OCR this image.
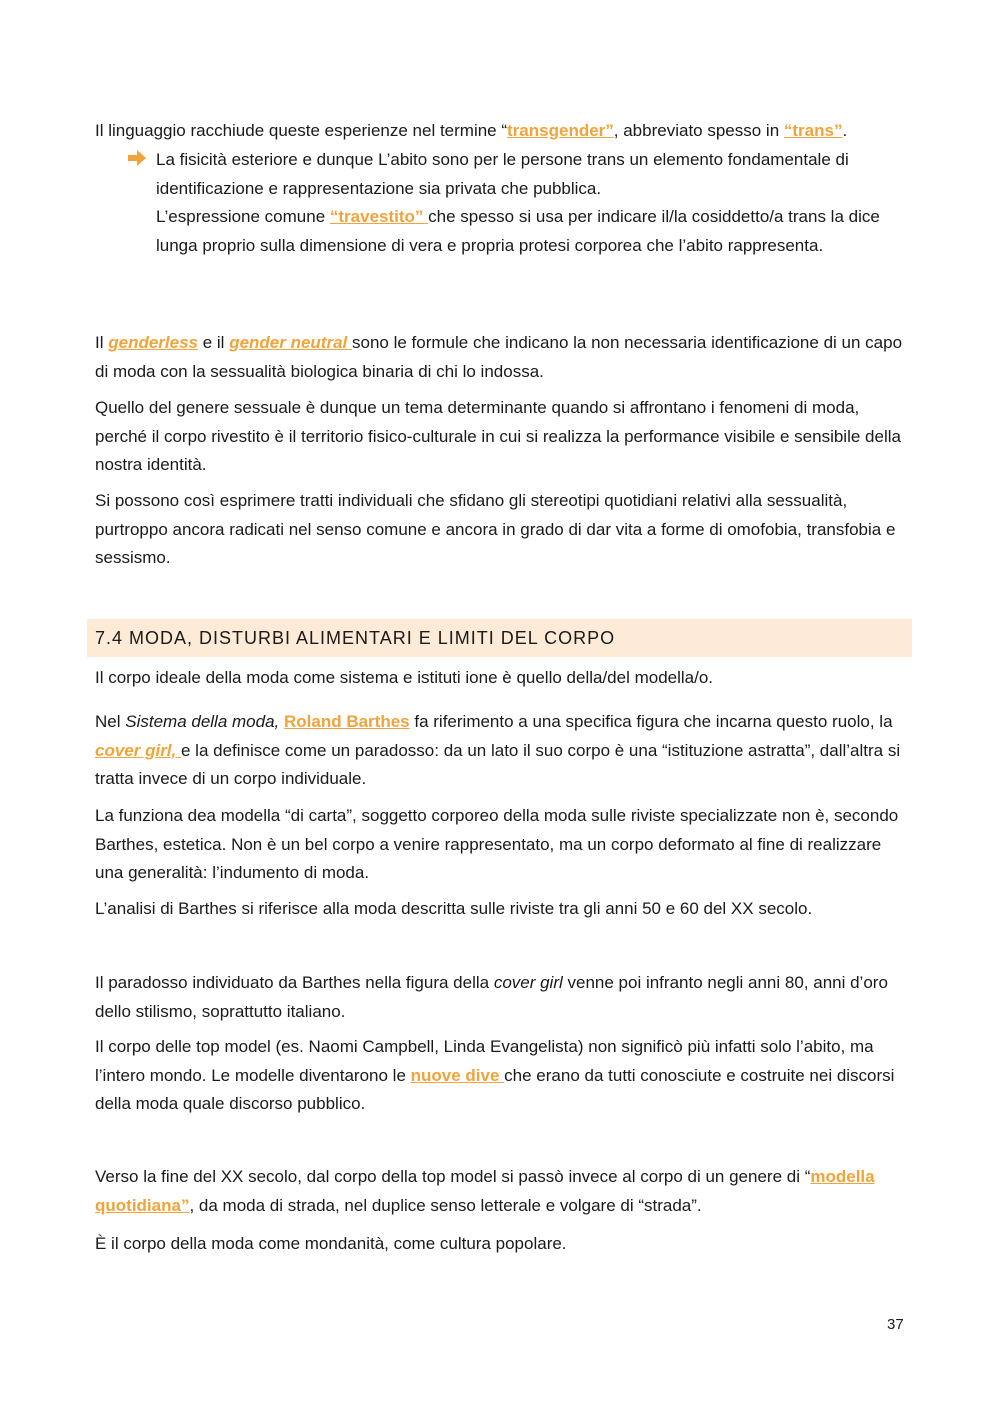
Il linguaggio racchiude queste esperienze nel termine “transgender”, abbreviato spesso in “trans”.

La fisicità esteriore e dunque L’abito sono per le persone trans un elemento fondamentale di identificazione e rappresentazione sia privata che pubblica.
L’espressione comune “travestito” che spesso si usa per indicare il/la cosiddetto/a trans la dice lunga proprio sulla dimensione di vera e propria protesi corporea che l’abito rappresenta.

Il genderless e il gender neutral sono le formule che indicano la non necessaria identificazione di un capo di moda con la sessualità biologica binaria di chi lo indossa.

Quello del genere sessuale è dunque un tema determinante quando si affrontano i fenomeni di moda, perché il corpo rivestito è il territorio fisico-culturale in cui si realizza la performance visibile e sensibile della nostra identità.

Si possono così esprimere tratti individuali che sfidano gli stereotipi quotidiani relativi alla sessualità, purtroppo ancora radicati nel senso comune e ancora in grado di dar vita a forme di omofobia, transfobia e sessismo.

7.4 MODA, DISTURBI ALIMENTARI E LIMITI DEL CORPO

Il corpo ideale della moda come sistema e istituti ione è quello della/del modella/o.

Nel Sistema della moda, Roland Barthes fa riferimento a una specifica figura che incarna questo ruolo, la cover girl, e la definisce come un paradosso: da un lato il suo corpo è una “istituzione astratta”, dall’altra si tratta invece di un corpo individuale.

La funziona dea modella “di carta”, soggetto corporeo della moda sulle riviste specializzate non è, secondo Barthes, estetica. Non è un bel corpo a venire rappresentato, ma un corpo deformato al fine di realizzare una generalità: l’indumento di moda.

L’analisi di Barthes si riferisce alla moda descritta sulle riviste tra gli anni 50 e 60 del XX secolo.

Il paradosso individuato da Barthes nella figura della cover girl venne poi infranto negli anni 80, anni d’oro dello stilismo, soprattutto italiano.

Il corpo delle top model (es. Naomi Campbell, Linda Evangelista) non significò più infatti solo l’abito, ma l’intero mondo. Le modelle diventarono le nuove dive che erano da tutti conosciute e costruite nei discorsi della moda quale discorso pubblico.

Verso la fine del XX secolo, dal corpo della top model si passò invece al corpo di un genere di “modella quotidiana”, da moda di strada, nel duplice senso letterale e volgare di “strada”.

È il corpo della moda come mondanità, come cultura popolare.

37
